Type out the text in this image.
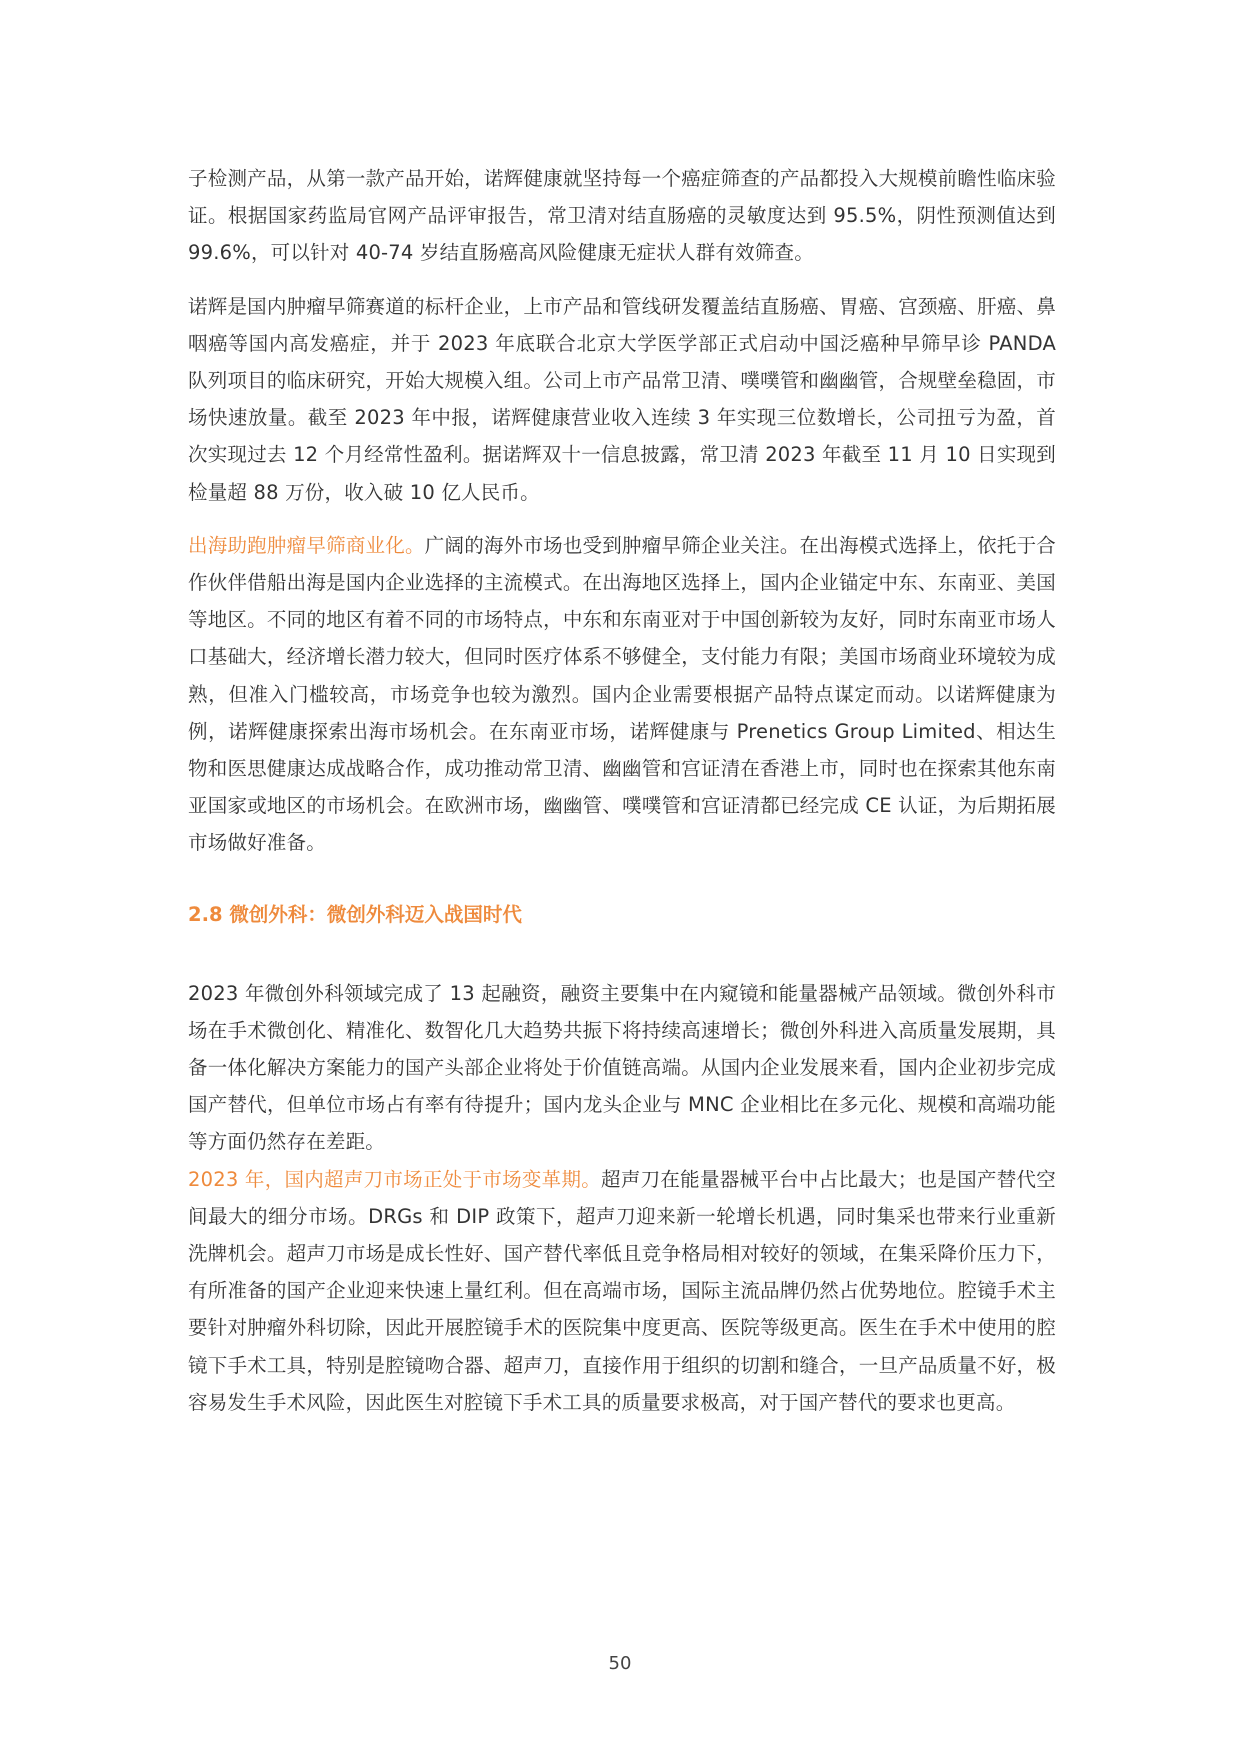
子检测产品，从第一款产品开始，诺辉健康就坚持每一个癌症筛查的产品都投入大规模前瞻性临床验证。根据国家药监局官网产品评审报告，常卫清对结直肠癌的灵敏度达到 95.5%，阴性预测值达到 99.6%，可以针对 40-74 岁结直肠癌高风险健康无症状人群有效筛查。

诺辉是国内肿瘤早筛赛道的标杆企业，上市产品和管线研发覆盖结直肠癌、胃癌、宫颈癌、肝癌、鼻咽癌等国内高发癌症，并于 2023 年底联合北京大学医学部正式启动中国泛癌种早筛早诊 PANDA 队列项目的临床研究，开始大规模入组。公司上市产品常卫清、噗噗管和幽幽管，合规壁垒稳固，市场快速放量。截至 2023 年中报，诺辉健康营业收入连续 3 年实现三位数增长，公司扭亏为盈，首次实现过去 12 个月经常性盈利。据诺辉双十一信息披露，常卫清 2023 年截至 11 月 10 日实现到检量超 88 万份，收入破 10 亿人民币。

出海助跑肿瘤早筛商业化。广阔的海外市场也受到肿瘤早筛企业关注。在出海模式选择上，依托于合作伙伴借船出海是国内企业选择的主流模式。在出海地区选择上，国内企业锚定中东、东南亚、美国等地区。不同的地区有着不同的市场特点，中东和东南亚对于中国创新较为友好，同时东南亚市场人口基础大，经济增长潜力较大，但同时医疗体系不够健全，支付能力有限；美国市场商业环境较为成熟，但准入门槛较高，市场竞争也较为激烈。国内企业需要根据产品特点谋定而动。以诺辉健康为例，诺辉健康探索出海市场机会。在东南亚市场，诺辉健康与 Prenetics Group Limited、相达生物和医思健康达成战略合作，成功推动常卫清、幽幽管和宫证清在香港上市，同时也在探索其他东南亚国家或地区的市场机会。在欧洲市场，幽幽管、噗噗管和宫证清都已经完成 CE 认证，为后期拓展市场做好准备。

2.8 微创外科：微创外科迈入战国时代

2023 年微创外科领域完成了 13 起融资，融资主要集中在内窥镜和能量器械产品领域。微创外科市场在手术微创化、精准化、数智化几大趋势共振下将持续高速增长；微创外科进入高质量发展期，具备一体化解决方案能力的国产头部企业将处于价值链高端。从国内企业发展来看，国内企业初步完成国产替代，但单位市场占有率有待提升；国内龙头企业与 MNC 企业相比在多元化、规模和高端功能等方面仍然存在差距。

2023 年，国内超声刀市场正处于市场变革期。超声刀在能量器械平台中占比最大；也是国产替代空间最大的细分市场。DRGs 和 DIP 政策下，超声刀迎来新一轮增长机遇，同时集采也带来行业重新洗牌机会。超声刀市场是成长性好、国产替代率低且竞争格局相对较好的领域，在集采降价压力下，有所准备的国产企业迎来快速上量红利。但在高端市场，国际主流品牌仍然占优势地位。腔镜手术主要针对肿瘤外科切除，因此开展腔镜手术的医院集中度更高、医院等级更高。医生在手术中使用的腔镜下手术工具，特别是腔镜吻合器、超声刀，直接作用于组织的切割和缝合，一旦产品质量不好，极容易发生手术风险，因此医生对腔镜下手术工具的质量要求极高，对于国产替代的要求也更高。

50
